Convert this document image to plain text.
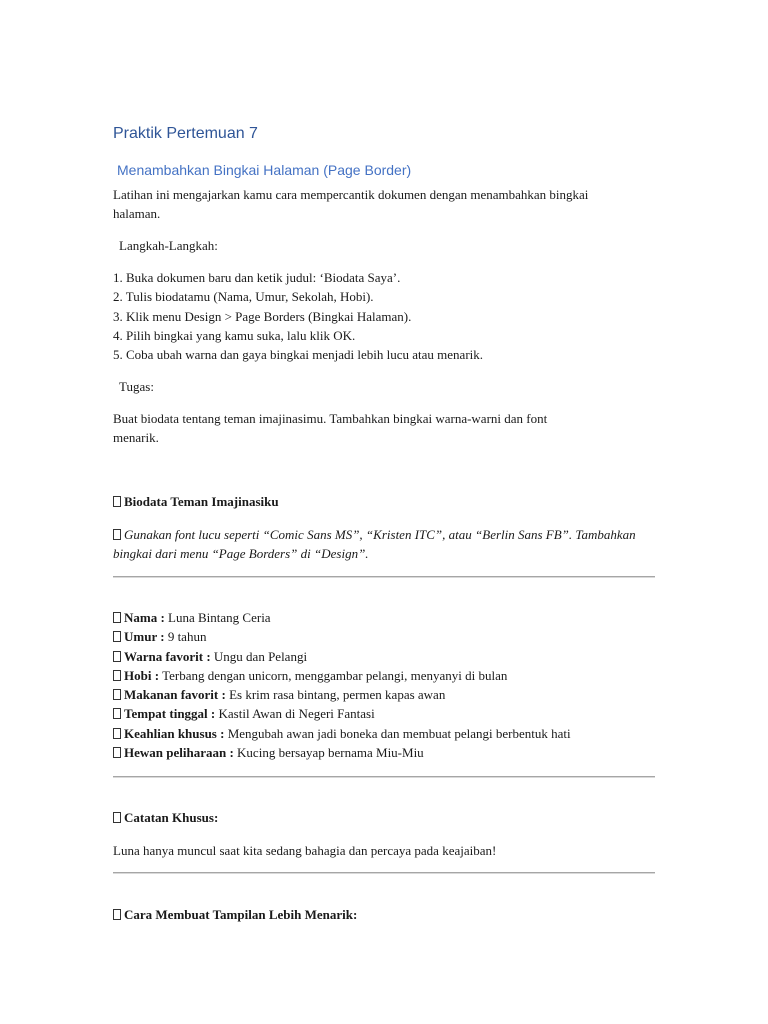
Praktik Pertemuan 7
Menambahkan Bingkai Halaman (Page Border)
Latihan ini mengajarkan kamu cara mempercantik dokumen dengan menambahkan bingkai
halaman.
Langkah-Langkah:
1. Buka dokumen baru dan ketik judul: ‘Biodata Saya’.
2. Tulis biodatamu (Nama, Umur, Sekolah, Hobi).
3. Klik menu Design > Page Borders (Bingkai Halaman).
4. Pilih bingkai yang kamu suka, lalu klik OK.
5. Coba ubah warna dan gaya bingkai menjadi lebih lucu atau menarik.
Tugas:
Buat biodata tentang teman imajinasimu. Tambahkan bingkai warna-warni dan font
menarik.
Biodata Teman Imajinasiku
Gunakan font lucu seperti “Comic Sans MS”, “Kristen ITC”, atau “Berlin Sans FB”. Tambahkan
bingkai dari menu “Page Borders” di “Design”.
Nama : Luna Bintang Ceria
Umur : 9 tahun
Warna favorit : Ungu dan Pelangi
Hobi : Terbang dengan unicorn, menggambar pelangi, menyanyi di bulan
Makanan favorit : Es krim rasa bintang, permen kapas awan
Tempat tinggal : Kastil Awan di Negeri Fantasi
Keahlian khusus : Mengubah awan jadi boneka dan membuat pelangi berbentuk hati
Hewan peliharaan : Kucing bersayap bernama Miu-Miu
Catatan Khusus:
Luna hanya muncul saat kita sedang bahagia dan percaya pada keajaiban!
Cara Membuat Tampilan Lebih Menarik:
